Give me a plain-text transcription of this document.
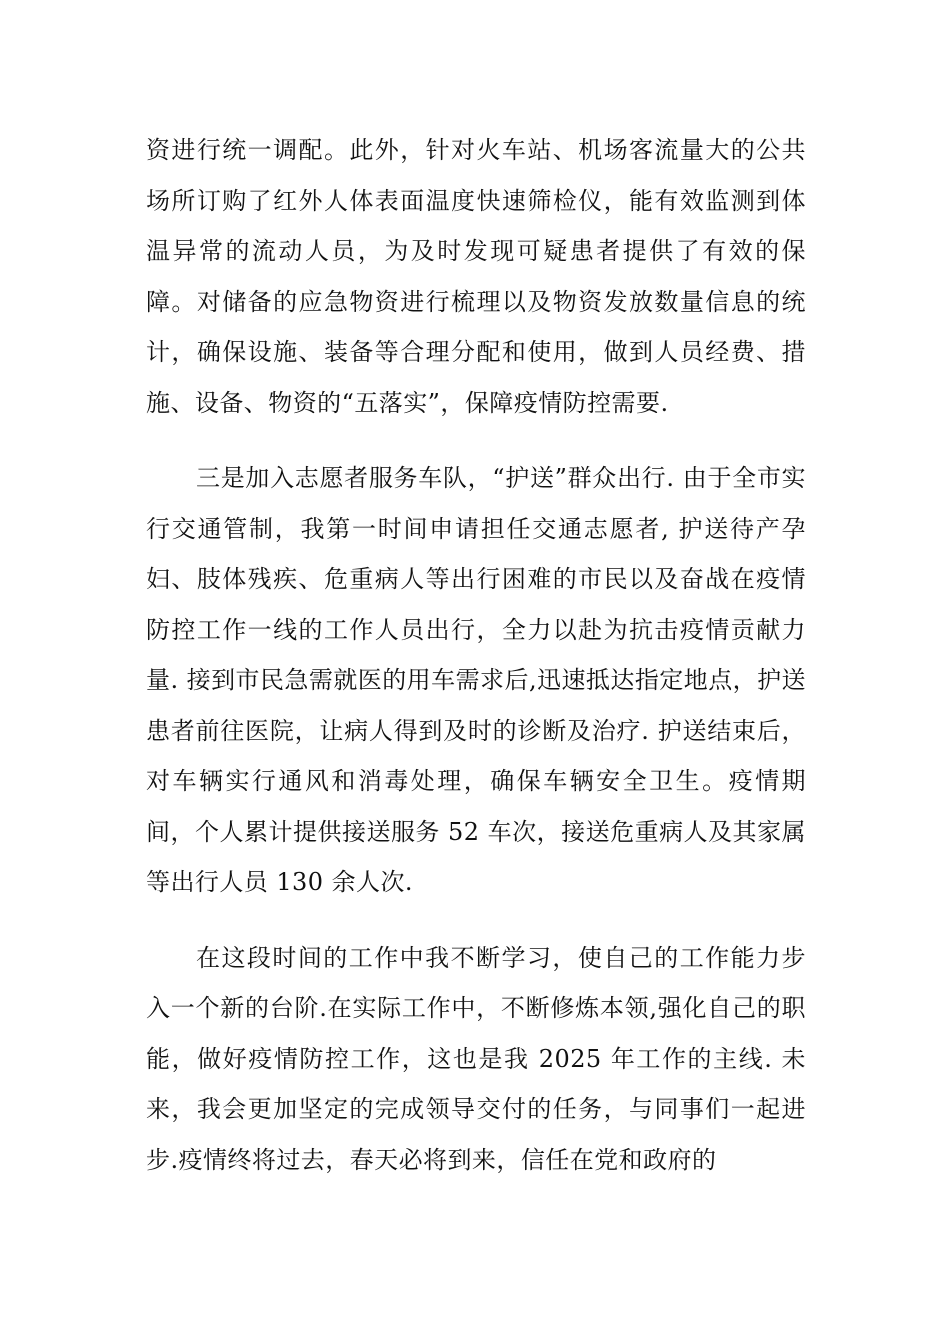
资进行统一调配。此外，针对火车站、机场客流量大的公共场所订购了红外人体表面温度快速筛检仪，能有效监测到体温异常的流动人员，为及时发现可疑患者提供了有效的保障。对储备的应急物资进行梳理以及物资发放数量信息的统计，确保设施、装备等合理分配和使用，做到人员经费、措施、设备、物资的“五落实”，保障疫情防控需要.

三是加入志愿者服务车队，“护送”群众出行. 由于全市实行交通管制，我第一时间申请担任交通志愿者, 护送待产孕妇、肢体残疾、危重病人等出行困难的市民以及奋战在疫情防控工作一线的工作人员出行，全力以赴为抗击疫情贡献力量. 接到市民急需就医的用车需求后,迅速抵达指定地点，护送患者前往医院，让病人得到及时的诊断及治疗. 护送结束后，对车辆实行通风和消毒处理，确保车辆安全卫生。疫情期间，个人累计提供接送服务 52 车次，接送危重病人及其家属等出行人员 130 余人次.

在这段时间的工作中我不断学习，使自己的工作能力步入一个新的台阶.在实际工作中，不断修炼本领,强化自己的职能，做好疫情防控工作，这也是我 2025 年工作的主线. 未来，我会更加坚定的完成领导交付的任务，与同事们一起进步.疫情终将过去，春天必将到来，信任在党和政府的
